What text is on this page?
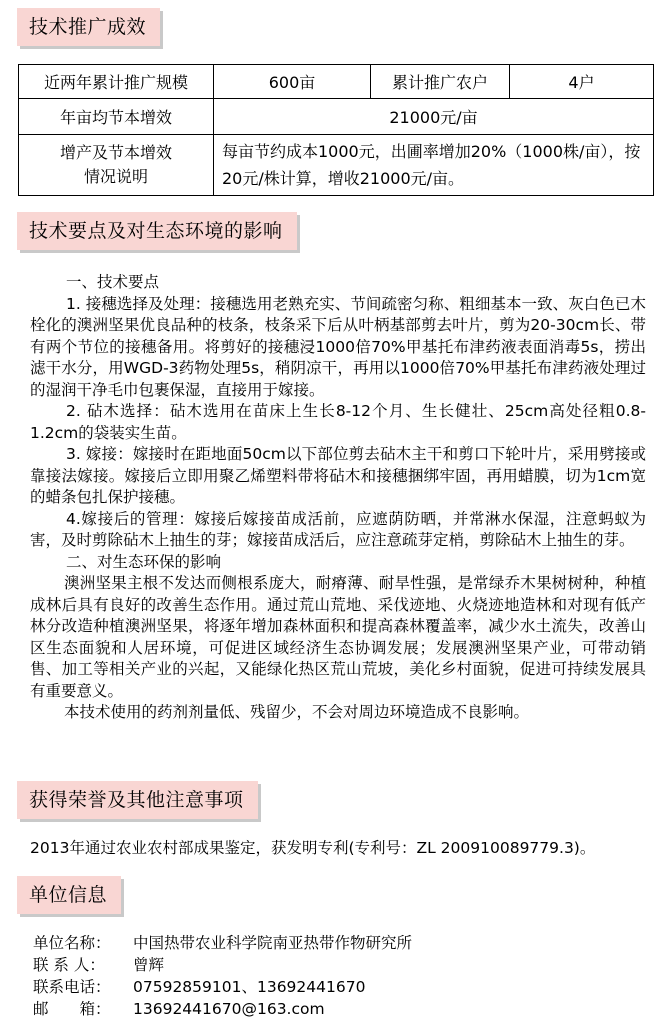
技术推广成效
近两年累计推广规模	600亩	累计推广农户	4户
年亩均节本增效	21000元/亩		
增产及节本增效
情况说明	每亩节约成本1000元，出圃率增加20%（1000株/亩），按20元/株计算，增收21000元/亩。		
技术要点及对生态环境的影响

一、技术要点

1. 接穗选择及处理：接穗选用老熟充实、节间疏密匀称、粗细基本一致、灰白色已木栓化的澳洲坚果优良品种的枝条，枝条采下后从叶柄基部剪去叶片，剪为20-30cm长、带有两个节位的接穗备用。将剪好的接穗浸1000倍70%甲基托布津药液表面消毒5s，捞出滤干水分，用WGD-3药物处理5s，稍阴凉干，再用以1000倍70%甲基托布津药液处理过的湿润干净毛巾包裹保湿，直接用于嫁接。

2. 砧木选择：砧木选用在苗床上生长8-12个月、生长健壮、25cm高处径粗0.8-1.2cm的袋装实生苗。

3. 嫁接：嫁接时在距地面50cm以下部位剪去砧木主干和剪口下轮叶片，采用劈接或靠接法嫁接。嫁接后立即用聚乙烯塑料带将砧木和接穗捆绑牢固，再用蜡膜，切为1cm宽的蜡条包扎保护接穗。

4.嫁接后的管理：嫁接后嫁接苗成活前，应遮荫防晒，并常淋水保湿，注意蚂蚁为害，及时剪除砧木上抽生的芽；嫁接苗成活后，应注意疏芽定梢，剪除砧木上抽生的芽。

二、对生态环保的影响

澳洲坚果主根不发达而侧根系庞大，耐瘠薄、耐旱性强，是常绿乔木果树树种，种植成林后具有良好的改善生态作用。通过荒山荒地、采伐迹地、火烧迹地造林和对现有低产林分改造种植澳洲坚果，将逐年增加森林面积和提高森林覆盖率，减少水土流失，改善山区生态面貌和人居环境，可促进区域经济生态协调发展；发展澳洲坚果产业，可带动销售、加工等相关产业的兴起，又能绿化热区荒山荒坡，美化乡村面貌，促进可持续发展具有重要意义。

本技术使用的药剂剂量低、残留少，不会对周边环境造成不良影响。

获得荣誉及其他注意事项

2013年通过农业农村部成果鉴定，获发明专利(专利号：ZL 200910089779.3)。

单位信息
单位名称：	中国热带农业科学院南亚热带作物研究所
联 系 人：	曾辉
联系电话：	07592859101、13692441670
邮　　箱：	13692441670@163.com
